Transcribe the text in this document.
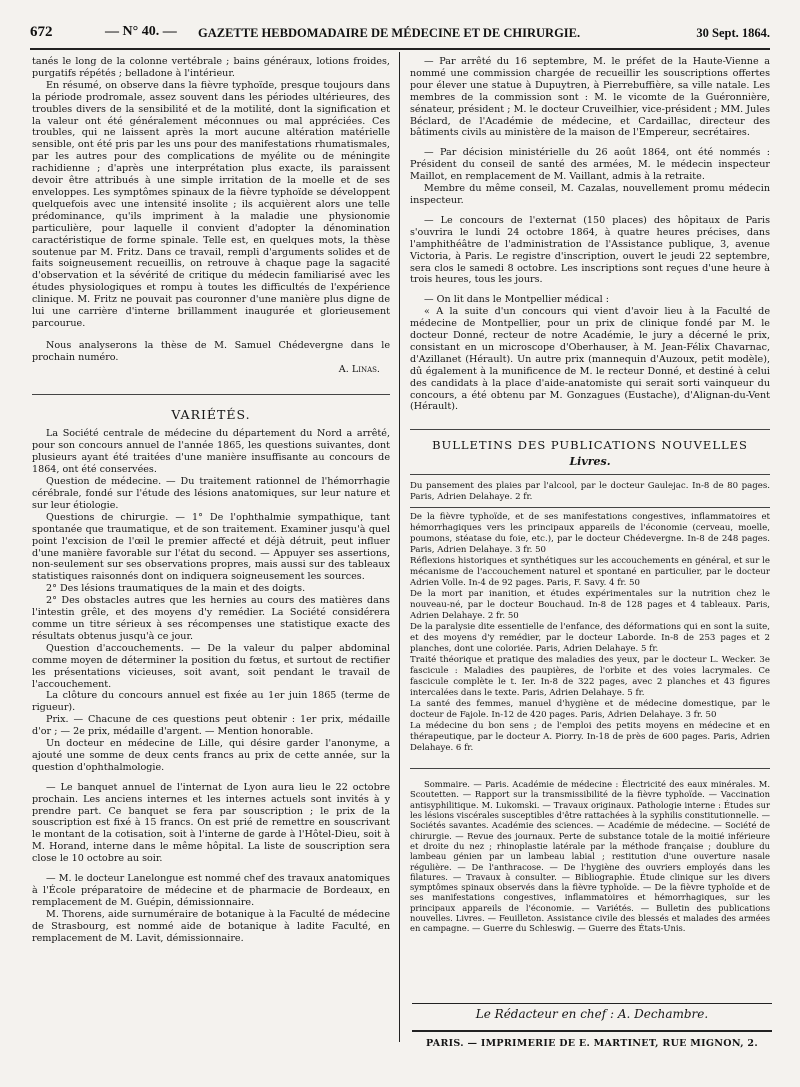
672	— N° 40. — GAZETTE HEBDOMADAIRE DE MÉDECINE ET DE CHIRURGIE.	30 Sept. 1864.

tanés le long de la colonne vertébrale ; bains généraux, lotions froides, purgatifs répétés ; belladone à l'intérieur.

En résumé, on observe dans la fièvre typhoïde, presque toujours dans la période prodromale, assez souvent dans les périodes ultérieures, des troubles divers de la sensibilité et de la motilité, dont la signification et la valeur ont été généralement méconnues ou mal appréciées. Ces troubles, qui ne laissent après la mort aucune altération matérielle sensible, ont été pris par les uns pour des manifestations rhumatismales, par les autres pour des complications de myélite ou de méningite rachidienne ; d'après une interprétation plus exacte, ils paraissent devoir être attribués à une simple irritation de la moelle et de ses enveloppes. Les symptômes spinaux de la fièvre typhoïde se développent quelquefois avec une intensité insolite ; ils acquièrent alors une telle prédominance, qu'ils impriment à la maladie une physionomie particulière, pour laquelle il convient d'adopter la dénomination caractéristique de forme spinale. Telle est, en quelques mots, la thèse soutenue par M. Fritz. Dans ce travail, rempli d'arguments solides et de faits soigneusement recueillis, on retrouve à chaque page la sagacité d'observation et la sévérité de critique du médecin familiarisé avec les études physiologiques et rompu à toutes les difficultés de l'expérience clinique. M. Fritz ne pouvait pas couronner d'une manière plus digne de lui une carrière d'interne brillamment inaugurée et glorieusement parcourue.

Nous analyserons la thèse de M. Samuel Chédevergne dans le prochain numéro.

A. Linas.

VARIÉTÉS.

La Société centrale de médecine du département du Nord a arrêté, pour son concours annuel de l'année 1865, les questions suivantes, dont plusieurs ayant été traitées d'une manière insuffisante au concours de 1864, ont été conservées.

Question de médecine. — Du traitement rationnel de l'hémorrhagie cérébrale, fondé sur l'étude des lésions anatomiques, sur leur nature et sur leur étiologie.

Questions de chirurgie. — 1° De l'ophthalmie sympathique, tant spontanée que traumatique, et de son traitement. Examiner jusqu'à quel point l'excision de l'œil le premier affecté et déjà détruit, peut influer d'une manière favorable sur l'état du second. — Appuyer ses assertions, non-seulement sur ses observations propres, mais aussi sur des tableaux statistiques raisonnés dont on indiquera soigneusement les sources.

2° Des lésions traumatiques de la main et des doigts.

2° Des obstacles autres que les hernies au cours des matières dans l'intestin grêle, et des moyens d'y remédier. La Société considérera comme un titre sérieux à ses récompenses une statistique exacte des résultats obtenus jusqu'à ce jour.

Question d'accouchements. — De la valeur du palper abdominal comme moyen de déterminer la position du fœtus, et surtout de rectifier les présentations vicieuses, soit avant, soit pendant le travail de l'accouchement.

La clôture du concours annuel est fixée au 1er juin 1865 (terme de rigueur).

Prix. — Chacune de ces questions peut obtenir : 1er prix, médaille d'or ; — 2e prix, médaille d'argent. — Mention honorable.

Un docteur en médecine de Lille, qui désire garder l'anonyme, a ajouté une somme de deux cents francs au prix de cette année, sur la question d'ophthalmologie.

— Le banquet annuel de l'internat de Lyon aura lieu le 22 octobre prochain. Les anciens internes et les internes actuels sont invités à y prendre part. Ce banquet se fera par souscription ; le prix de la souscription est fixé à 15 francs. On est prié de remettre en souscrivant le montant de la cotisation, soit à l'interne de garde à l'Hôtel-Dieu, soit à M. Horand, interne dans le même hôpital. La liste de souscription sera close le 10 octobre au soir.

— M. le docteur Lanelongue est nommé chef des travaux anatomiques à l'École préparatoire de médecine et de pharmacie de Bordeaux, en remplacement de M. Guépin, démissionnaire.

M. Thorens, aide surnuméraire de botanique à la Faculté de médecine de Strasbourg, est nommé aide de botanique à ladite Faculté, en remplacement de M. Lavit, démissionnaire.

— Par arrêté du 16 septembre, M. le préfet de la Haute-Vienne a nommé une commission chargée de recueillir les souscriptions offertes pour élever une statue à Dupuytren, à Pierrebuffière, sa ville natale. Les membres de la commission sont : M. le vicomte de la Guéronnière, sénateur, président ; M. le docteur Cruveilhier, vice-président ; MM. Jules Béclard, de l'Académie de médecine, et Cardaillac, directeur des bâtiments civils au ministère de la maison de l'Empereur, secrétaires.

— Par décision ministérielle du 26 août 1864, ont été nommés : Président du conseil de santé des armées, M. le médecin inspecteur Maillot, en remplacement de M. Vaillant, admis à la retraite.

Membre du même conseil, M. Cazalas, nouvellement promu médecin inspecteur.

— Le concours de l'externat (150 places) des hôpitaux de Paris s'ouvrira le lundi 24 octobre 1864, à quatre heures précises, dans l'amphithéâtre de l'administration de l'Assistance publique, 3, avenue Victoria, à Paris. Le registre d'inscription, ouvert le jeudi 22 septembre, sera clos le samedi 8 octobre. Les inscriptions sont reçues d'une heure à trois heures, tous les jours.

— On lit dans le Montpellier médical :

« A la suite d'un concours qui vient d'avoir lieu à la Faculté de médecine de Montpellier, pour un prix de clinique fondé par M. le docteur Donné, recteur de notre Académie, le jury a décerné le prix, consistant en un microscope d'Oberhauser, à M. Jean-Félix Chavarnac, d'Azillanet (Hérault). Un autre prix (mannequin d'Auzoux, petit modèle), dû également à la munificence de M. le recteur Donné, et destiné à celui des candidats à la place d'aide-anatomiste qui serait sorti vainqueur du concours, a été obtenu par M. Gonzagues (Eustache), d'Alignan-du-Vent (Hérault).

BULLETINS DES PUBLICATIONS NOUVELLES
Livres.

Du pansement des plaies par l'alcool, par le docteur Gaulejac. In-8 de 80 pages. Paris, Adrien Delahaye. 2 fr.

De la fièvre typhoïde, et de ses manifestations congestives, inflammatoires et hémorrhagiques vers les principaux appareils de l'économie (cerveau, moelle, poumons, stéatase du foie, etc.), par le docteur Chédevergne. In-8 de 248 pages. Paris, Adrien Delahaye. 3 fr. 50

Réflexions historiques et synthétiques sur les accouchements en général, et sur le mécanisme de l'accouchement naturel et spontané en particulier, par le docteur Adrien Volle. In-4 de 92 pages. Paris, F. Savy. 4 fr. 50

De la mort par inanition, et études expérimentales sur la nutrition chez le nouveau-né, par le docteur Bouchaud. In-8 de 128 pages et 4 tableaux. Paris, Adrien Delahaye. 2 fr. 50

De la paralysie dite essentielle de l'enfance, des déformations qui en sont la suite, et des moyens d'y remédier, par le docteur Laborde. In-8 de 253 pages et 2 planches, dont une coloriée. Paris, Adrien Delahaye. 5 fr.

Traité théorique et pratique des maladies des yeux, par le docteur L. Wecker. 3e fascicule : Maladies des paupières, de l'orbite et des voies lacrymales. Ce fascicule complète le t. Ier. In-8 de 322 pages, avec 2 planches et 43 figures intercalées dans le texte. Paris, Adrien Delahaye. 5 fr.

La santé des femmes, manuel d'hygiène et de médecine domestique, par le docteur de Fajole. In-12 de 420 pages. Paris, Adrien Delahaye. 3 fr. 50

La médecine du bon sens ; de l'emploi des petits moyens en médecine et en thérapeutique, par le docteur A. Piorry. In-18 de près de 600 pages. Paris, Adrien Delahaye. 6 fr.

Sommaire. — Paris. Académie de médecine : Électricité des eaux minérales. M. Scoutetten. — Rapport sur la transmissibilité de la fièvre typhoïde. — Vaccination antisyphilitique. M. Lukomski. — Travaux originaux. Pathologie interne : Études sur les lésions viscérales susceptibles d'être rattachées à la syphilis constitutionnelle. — Sociétés savantes. Académie des sciences. — Académie de médecine. — Société de chirurgie. — Revue des journaux. Perte de substance totale de la moitié inférieure et droite du nez ; rhinoplastie latérale par la méthode française ; doublure du lambeau génien par un lambeau labial ; restitution d'une ouverture nasale régulière. — De l'anthracose. — De l'hygiène des ouvriers employés dans les filatures. — Travaux à consulter. — Bibliographie. Étude clinique sur les divers symptômes spinaux observés dans la fièvre typhoïde. — De la fièvre typhoïde et de ses manifestations congestives, inflammatoires et hémorrhagiques, sur les principaux appareils de l'économie. — Variétés. — Bulletin des publications nouvelles. Livres. — Feuilleton. Assistance civile des blessés et malades des armées en campagne. — Guerre du Schleswig. — Guerre des États-Unis.

Le Rédacteur en chef : A. Dechambre.
PARIS. — IMPRIMERIE DE E. MARTINET, RUE MIGNON, 2.
